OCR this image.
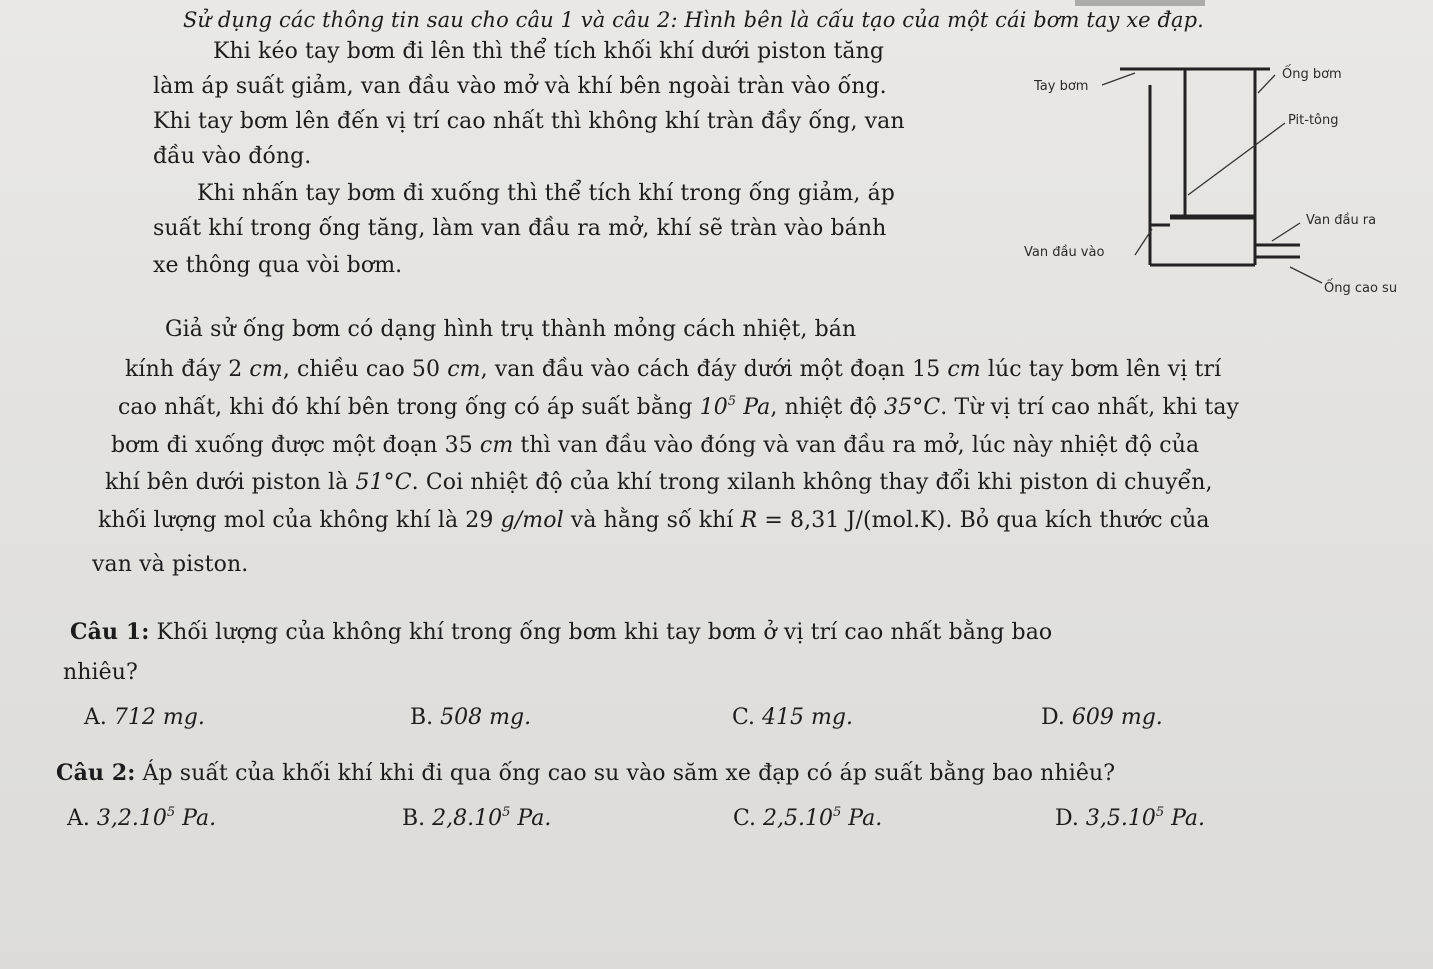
Sử dụng các thông tin sau cho câu 1 và câu 2: Hình bên là cấu tạo của một cái bơm tay xe đạp.
Khi kéo tay bơm đi lên thì thể tích khối khí dưới piston tăng
làm áp suất giảm, van đầu vào mở và khí bên ngoài tràn vào ống.
Khi tay bơm lên đến vị trí cao nhất thì không khí tràn đầy ống, van
đầu vào đóng.
Khi nhấn tay bơm đi xuống thì thể tích khí trong ống giảm, áp
suất khí trong ống tăng, làm van đầu ra mở, khí sẽ tràn vào bánh
xe thông qua vòi bơm.
Tay bơm
Ống bơm
Pit-tông
Van đầu ra
Van đầu vào
Ống cao su
Giả sử ống bơm có dạng hình trụ thành mỏng cách nhiệt, bán
kính đáy 2 cm, chiều cao 50 cm, van đầu vào cách đáy dưới một đoạn 15 cm lúc tay bơm lên vị trí
cao nhất, khi đó khí bên trong ống có áp suất bằng $10^5$ Pa, nhiệt độ 35°C. Từ vị trí cao nhất, khi tay
bơm đi xuống được một đoạn 35 cm thì van đầu vào đóng và van đầu ra mở, lúc này nhiệt độ của
khí bên dưới piston là 51°C. Coi nhiệt độ của khí trong xilanh không thay đổi khi piston di chuyển,
khối lượng mol của không khí là 29 g/mol và hằng số khí R = 8,31 J/(mol.K). Bỏ qua kích thước của
van và piston.
Câu 1: Khối lượng của không khí trong ống bơm khi tay bơm ở vị trí cao nhất bằng bao
nhiêu?
A. 712 mg.	B. 508 mg.	C. 415 mg.	D. 609 mg.
Câu 2: Áp suất của khối khí khi đi qua ống cao su vào săm xe đạp có áp suất bằng bao nhiêu?
A. 3,2.10$^5$ Pa.	B. 2,8.10$^5$ Pa.	C. 2,5.10$^5$ Pa.	D. 3,5.10$^5$ Pa.
